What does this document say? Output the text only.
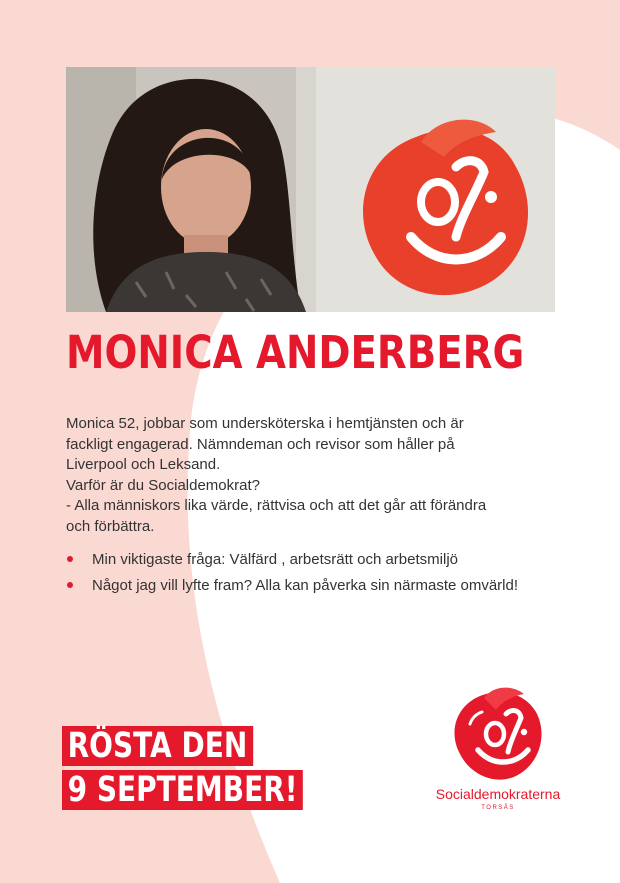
MONICA ANDERBERG

Monica 52, jobbar som undersköterska i hemtjänsten och är

fackligt engagerad. Nämndeman och revisor som håller på

Liverpool och Leksand.

Varför är du Socialdemokrat?

- Alla människors lika värde, rättvisa och att det går att förändra

och förbättra.

Min viktigaste fråga: Välfärd , arbetsrätt och arbetsmiljö
Något jag vill lyfte fram? Alla kan påverka sin närmaste omvärld!
RÖSTA DEN
9 SEPTEMBER!	Socialdemokraterna
TORSÅS
